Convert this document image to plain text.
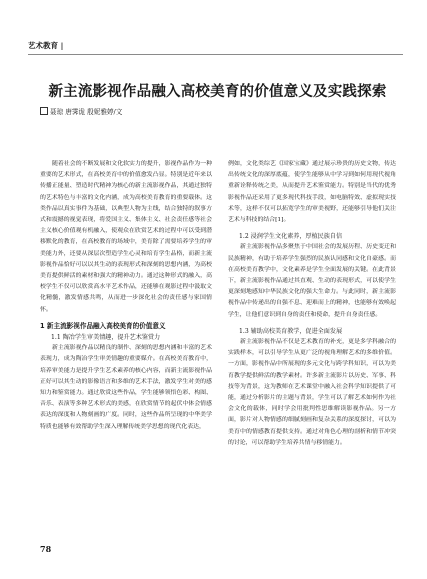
艺术教育 |
新主流影视作品融入高校美育的价值意义及实践探索
聂琼 唐霁诡 殷妮雅婷/文

随着社会的不断发展和文化软实力的提升，影视作品作为一种重要的艺术形式，在高校美育中的价值愈发凸显。特别是近年来以传播正能量、塑造时代精神为核心的新主流影视作品，其通过独特的艺术特色与丰富的文化内涵，成为高校美育教育的重要载体。这类作品以真实事件为基础，以典型人物为主线，结合独特的叙事方式和震撼的视觉表现，将爱国主义、集体主义、社会责任感等社会主义核心价值观有机融入，使观众在欣赏艺术的过程中可以受到潜移默化的教育，在高校教育的场域中，美育除了需要培养学生的审美能力外，还要从深层次塑造学生心灵和培育学生品格，而新主流影视作品恰好可以以其生动的表现形式和深刻的思想内涵，为高校美育提供鲜活的素材和强大的精神动力。通过这种形式的融入，高校学生不仅可以欣赏高水平艺术作品，还能够在观影过程中汲取文化精髓，激发情感共鸣，从而进一步深化社会的责任感与家国情怀。

1 新主流影视作品融入高校美育的价值意义
1.1 陶冶学生审美情趣，提升艺术鉴赏力

新主流影视作品以精良的制作、深刻的思想内涵和丰富的艺术表现力，成为陶冶学生审美情趣的重要媒介。在高校美育教育中，培养审美能力是提升学生艺术素养的核心内容，而新主流影视作品正好可以其生动的影像语言和多维的艺术手法，激发学生对美的感知力和鉴赏能力。通过欣赏这些作品，学生能够领悟色彩、构图、音乐、表演等多种艺术形式的美感，在欣赏情节的起伏中体会情感表达的深度和人物刻画的广度。同时，这些作品所呈现的中华美学特质也能够有效帮助学生深入理解传统美学思想的现代化表达，

例如，文化类综艺《国家宝藏》通过展示珍贵的历史文物，传达出传统文化的深厚底蕴，使学生能够从中学习到如何用现代视角重新诠释传统之美，从而提升艺术鉴赏能力。特别是当代的优秀影视作品还采用了更多现代科技手段，如电脑特效、虚拟现实技术等，这样不仅可以拓宽学生的审美视野，还能够引导他们关注艺术与科技的结合[1]。

1.2 浸润学生文化素养，厚植民族自信

新主流影视作品多聚焦于中国社会的发展历程、历史变迁和民族精神，有助于培养学生强烈的民族认同感和文化自豪感。而在高校美育教学中，文化素养是学生全面发展的关键。在此背景下，新主流影视作品通过其直观、生动的表现形式，可以使学生更深刻地感知中华民族文化的强大生命力。与此同时，新主流影视作品中传递出的自强不息、迎难而上的精神，也能够有效唤起学生，让他们意识到自身的责任和使命，提升自身责任感。

1.3 辅助高校美育教学，促进全面发展

新主流影视作品不仅是艺术教育的补充，更是多学科融合的实践样本，可以引导学生从更广泛的视角理解艺术的多维价值。一方面，影视作品中所展现的多元文化与跨学科知识，可以为美育教学提供鲜活的教学素材。许多新主流影片以历史、军事、科技等为背景，这为教师在艺术课堂中融入社会科学知识提供了可能，通过分析影片的主题与背景，学生可以了解艺术如何作为社会文化的载体，同时学会用批判性思维解读影视作品。另一方面，影片对人物情感的细腻刻画和复杂关系的深度探讨，可以为美育中的情感教育提供支持。通过对角色心理的剖析和情节冲突的讨论，可以帮助学生培养共情与移情能力。

78
